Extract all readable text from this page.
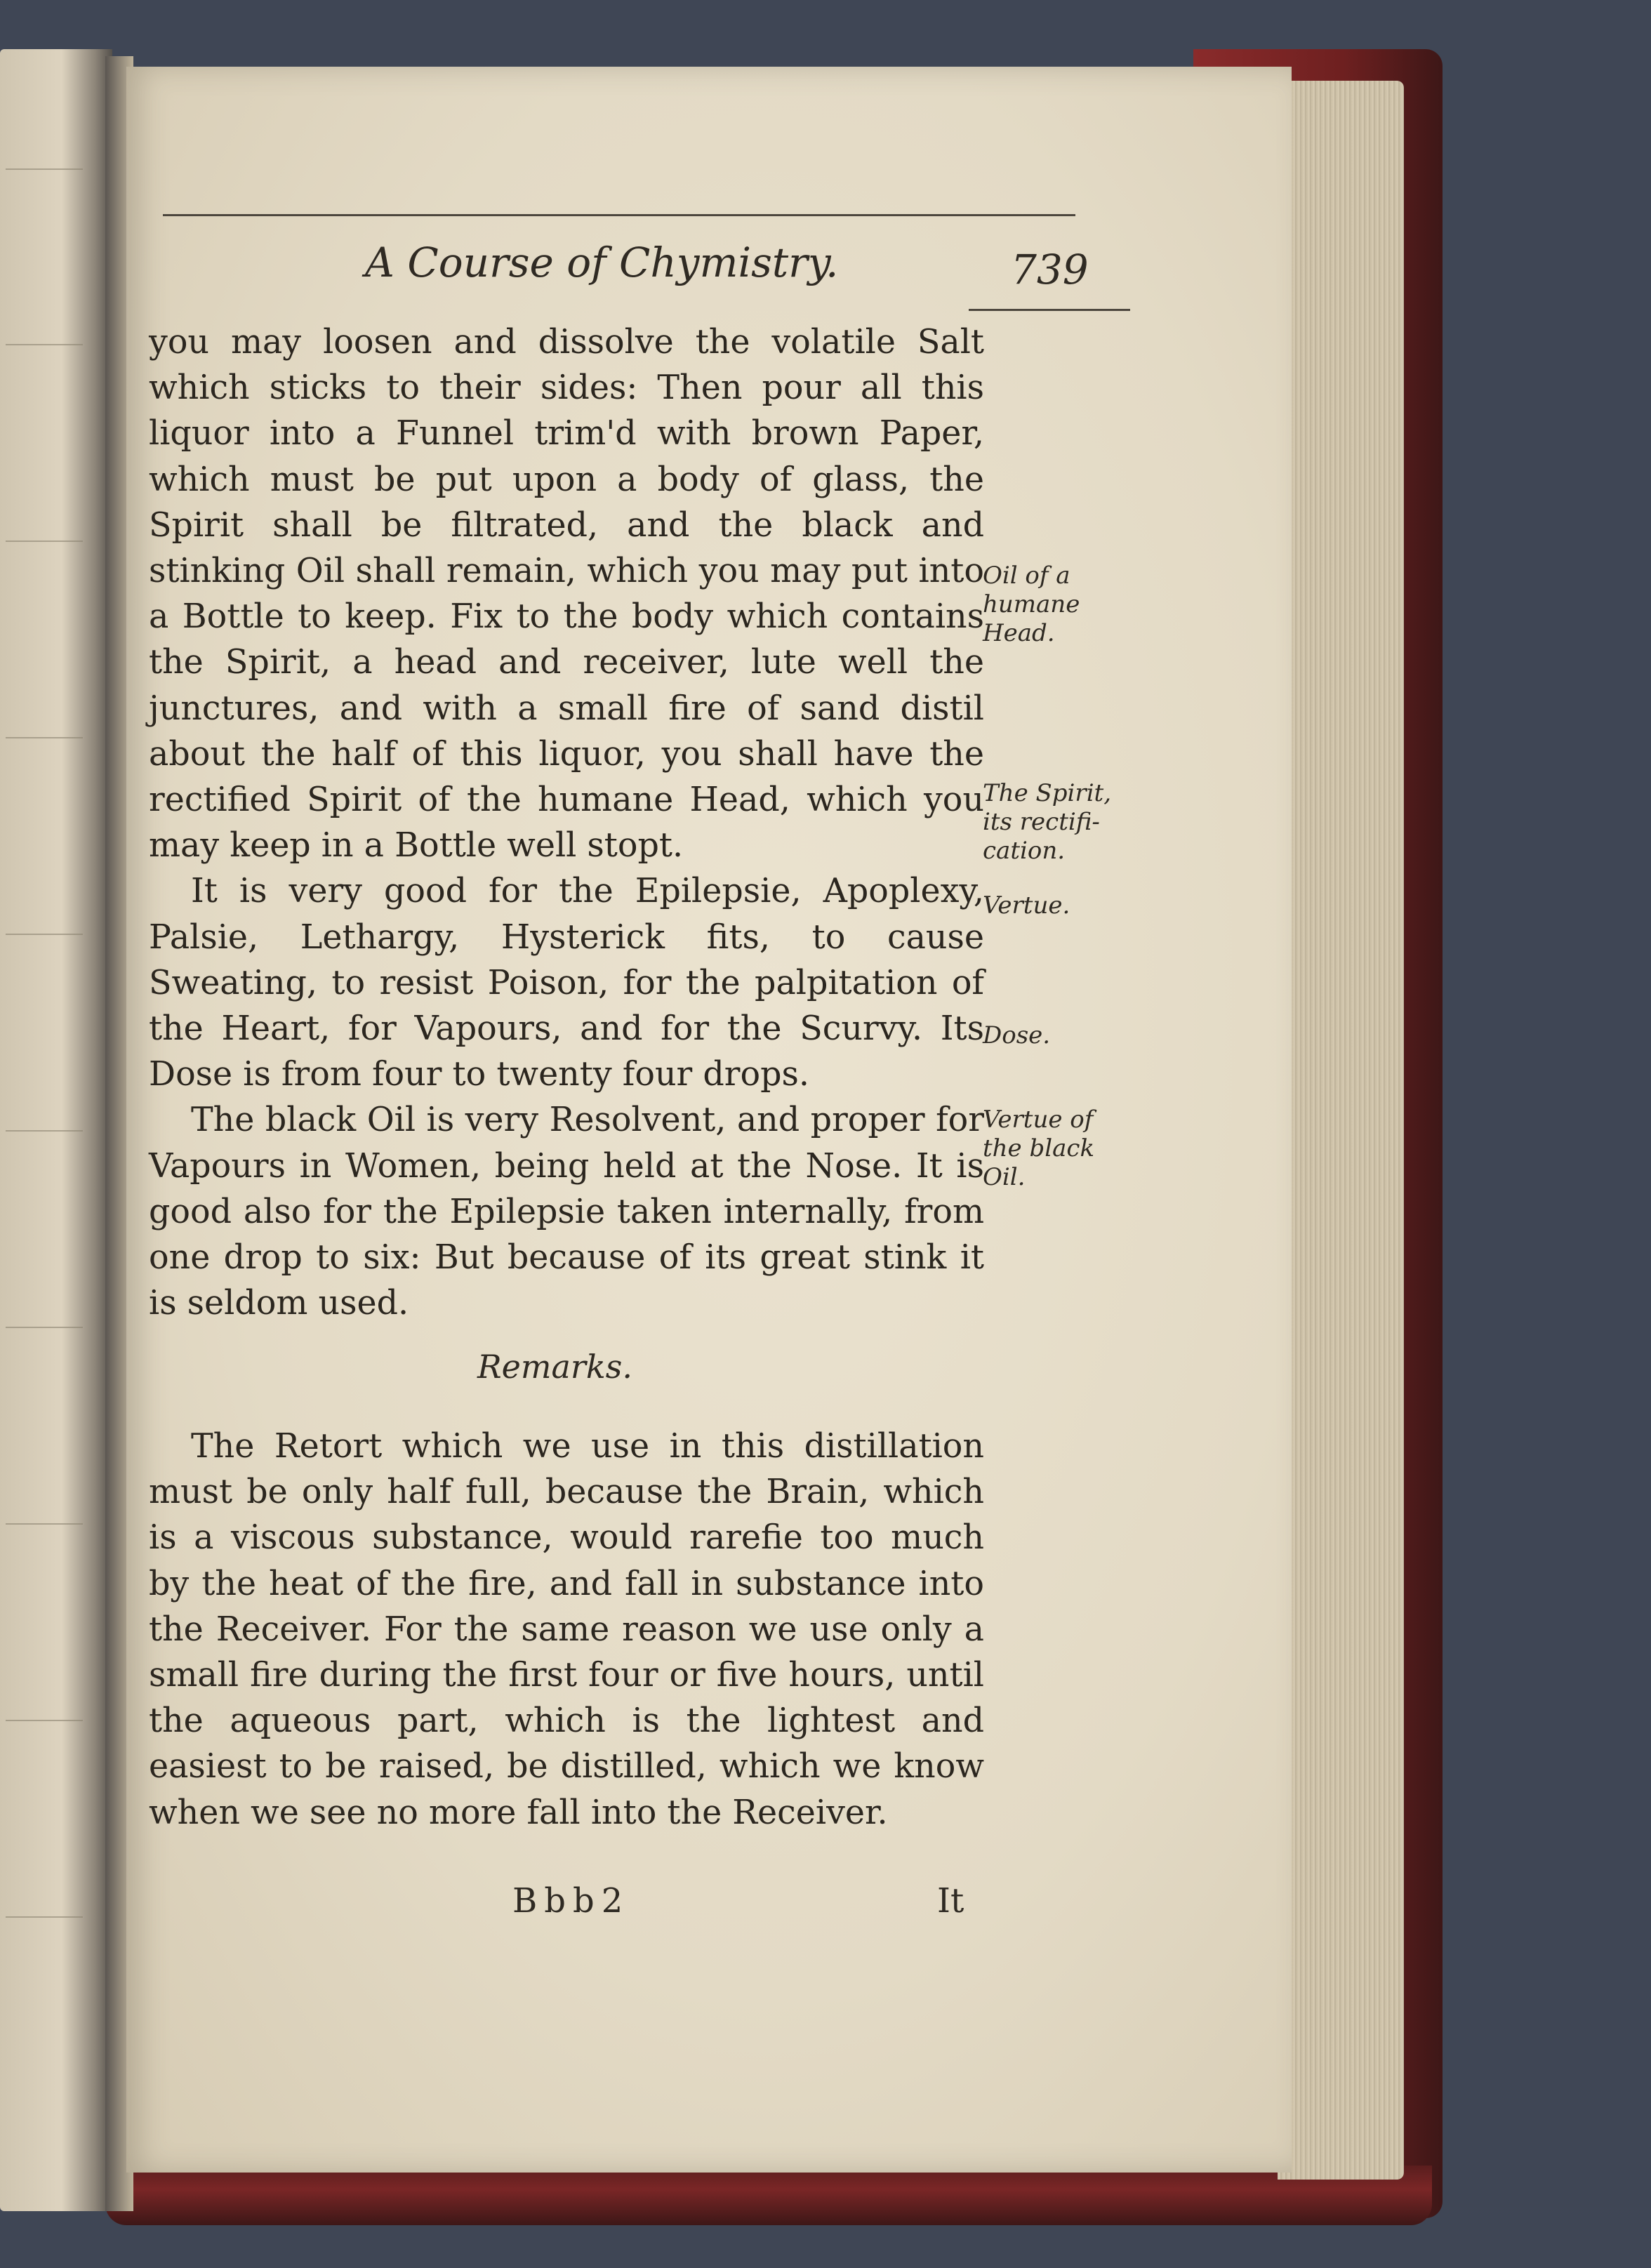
A Course of Chymistry.	739

you may loosen and dissolve the volatile Salt which sticks to their sides: Then pour all this liquor into a Funnel trim'd with brown Paper, which must be put upon a body of glass, the Spirit shall be filtrated, and the black and stinking Oil shall remain, which you may put into a Bottle to keep. Fix to the body which contains the Spirit, a head and receiver, lute well the junctures, and with a small fire of sand distil about the half of this liquor, you shall have the rectified Spirit of the humane Head, which you may keep in a Bottle well stopt.

It is very good for the Epilepsie, Apoplexy, Palsie, Lethargy, Hysterick fits, to cause Sweating, to resist Poison, for the palpitation of the Heart, for Vapours, and for the Scurvy. Its Dose is from four to twenty four drops.

The black Oil is very Resolvent, and proper for Vapours in Women, being held at the Nose. It is good also for the Epilepsie taken internally, from one drop to six: But because of its great stink it is seldom used.

Oil of a
humane
Head.
The Spirit,
its rectifi-
cation.
Vertue.
Dose.
Vertue of
the black
Oil.
Remarks.

The Retort which we use in this distillation must be only half full, because the Brain, which is a viscous substance, would rarefie too much by the heat of the fire, and fall in substance into the Receiver. For the same reason we use only a small fire during the first four or five hours, until the aqueous part, which is the lightest and easiest to be raised, be distilled, which we know when we see no more fall into the Receiver.

Bbb2	It
